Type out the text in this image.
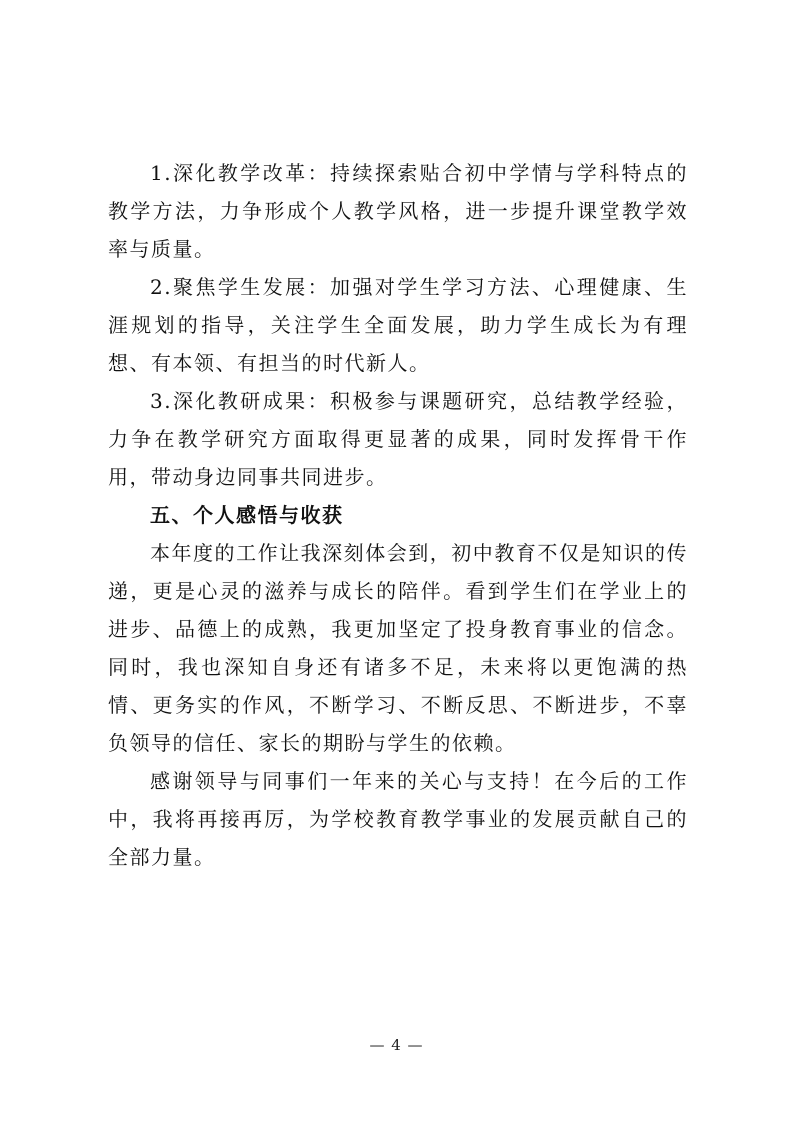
1.深化教学改革：持续探索贴合初中学情与学科特点的教学方法，力争形成个人教学风格，进一步提升课堂教学效率与质量。

2.聚焦学生发展：加强对学生学习方法、心理健康、生涯规划的指导，关注学生全面发展，助力学生成长为有理想、有本领、有担当的时代新人。

3.深化教研成果：积极参与课题研究，总结教学经验，力争在教学研究方面取得更显著的成果，同时发挥骨干作用，带动身边同事共同进步。

五、个人感悟与收获

本年度的工作让我深刻体会到，初中教育不仅是知识的传递，更是心灵的滋养与成长的陪伴。看到学生们在学业上的进步、品德上的成熟，我更加坚定了投身教育事业的信念。同时，我也深知自身还有诸多不足，未来将以更饱满的热情、更务实的作风，不断学习、不断反思、不断进步，不辜负领导的信任、家长的期盼与学生的依赖。

感谢领导与同事们一年来的关心与支持！在今后的工作中，我将再接再厉，为学校教育教学事业的发展贡献自己的全部力量。

— 4 —
